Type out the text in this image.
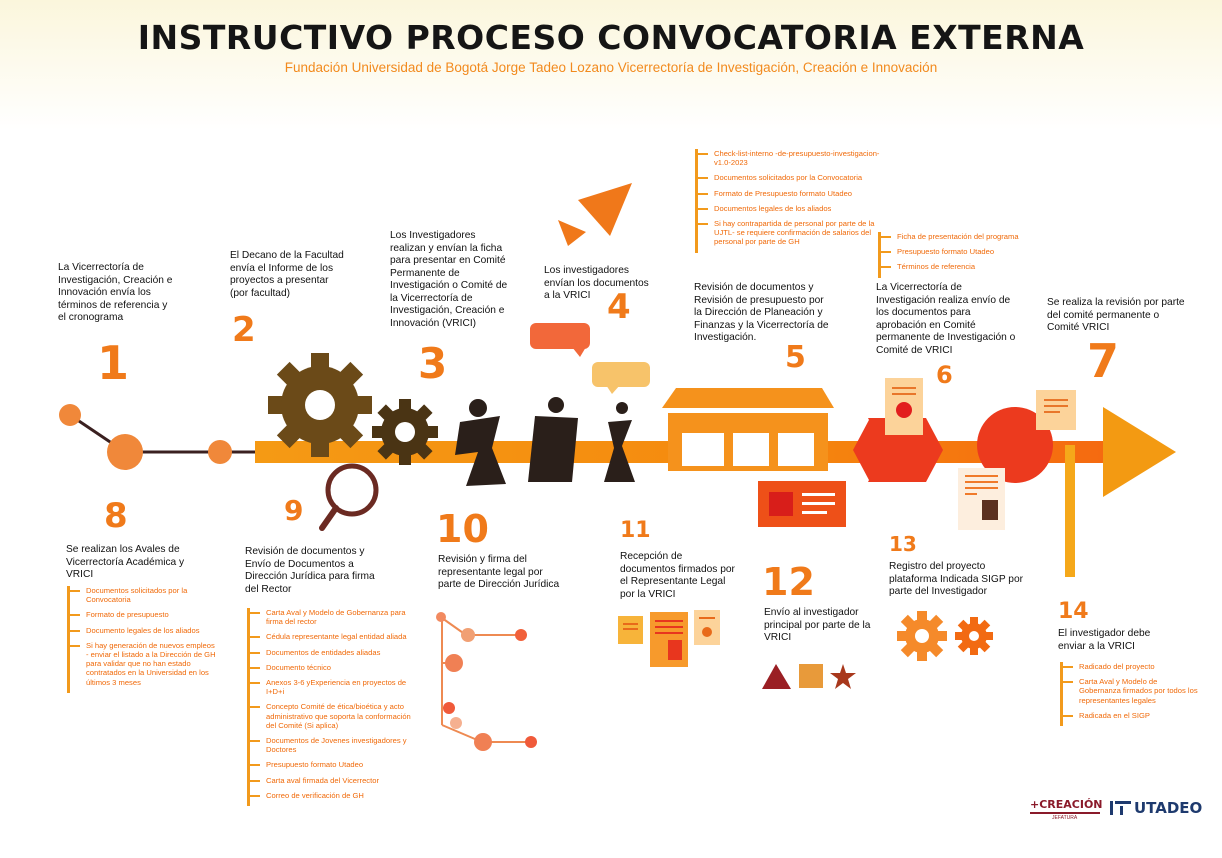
INSTRUCTIVO PROCESO CONVOCATORIA EXTERNA
Fundación Universidad de Bogotá Jorge Tadeo Lozano Vicerrectoría de Investigación, Creación e Innovación
La Vicerrectoría de Investigación, Creación e Innovación envía los términos de referencia y el cronograma
1
El Decano de la Facultad envía el Informe de los proyectos a presentar (por facultad)
2
Los Investigadores realizan y envían la ficha para presentar en Comité Permanente de Investigación o Comité de la Vicerrectoría de Investigación, Creación e Innovación (VRICI)
3
Los investigadores envían los documentos a la VRICI 4
Check-list-interno -de-presupuesto-investigacion-v1.0-2023
Documentos solicitados por la Convocatoria
Formato de Presupuesto formato Utadeo
Documentos legales de los aliados
Si hay contrapartida de personal por parte de la UJTL- se requiere confirmación de salarios del personal por parte de GH
Revisión de documentos y Revisión de presupuesto por la Dirección de Planeación y Finanzas y la Vicerrectoría de Investigación.
5
Ficha de presentación del programa
Presupuesto formato Utadeo
Términos de referencia
La Vicerrectoría de Investigación realiza envío de los documentos para aprobación en Comité permanente de Investigación o Comité de VRICI
6
Se realiza la revisión por parte del comité permanente o Comité VRICI
7
8
Se realizan los Avales de Vicerrectoría Académica y VRICI
Documentos solicitados por la Convocatoria
Formato de presupuesto
Documento legales de los aliados
Si hay generación de nuevos empleos - enviar el listado a la Dirección de GH para validar que no han estado contratados en la Universidad en los últimos 3 meses
9
Revisión de documentos y Envío de Documentos a Dirección Jurídica para firma del Rector
Carta Aval y Modelo de Gobernanza para firma del rector
Cédula representante legal entidad aliada
Documentos de entidades aliadas
Documento técnico
Anexos 3-6 yExperiencia en proyectos de I+D+i
Concepto Comité de ética/bioética y acto administrativo que soporta la conformación del Comité (Si aplica)
Documentos de Jovenes investigadores y Doctores
Presupuesto formato Utadeo
Carta aval firmada del Vicerrector
Correo de verificación de GH
10
Revisión y firma del representante legal por parte de Dirección Jurídica
11
Recepción de documentos firmados por el Representante Legal por la VRICI	12
Envío al investigador principal por parte de la VRICI
13
Registro del proyecto plataforma Indicada SIGP por parte del Investigador
14
El investigador debe enviar a la VRICI
Radicado del proyecto
Carta Aval y Modelo de Gobernanza firmados por todos los representantes legales
Radicada en el SIGP
+CREACIÓN
JEFATURA
UTADEO
